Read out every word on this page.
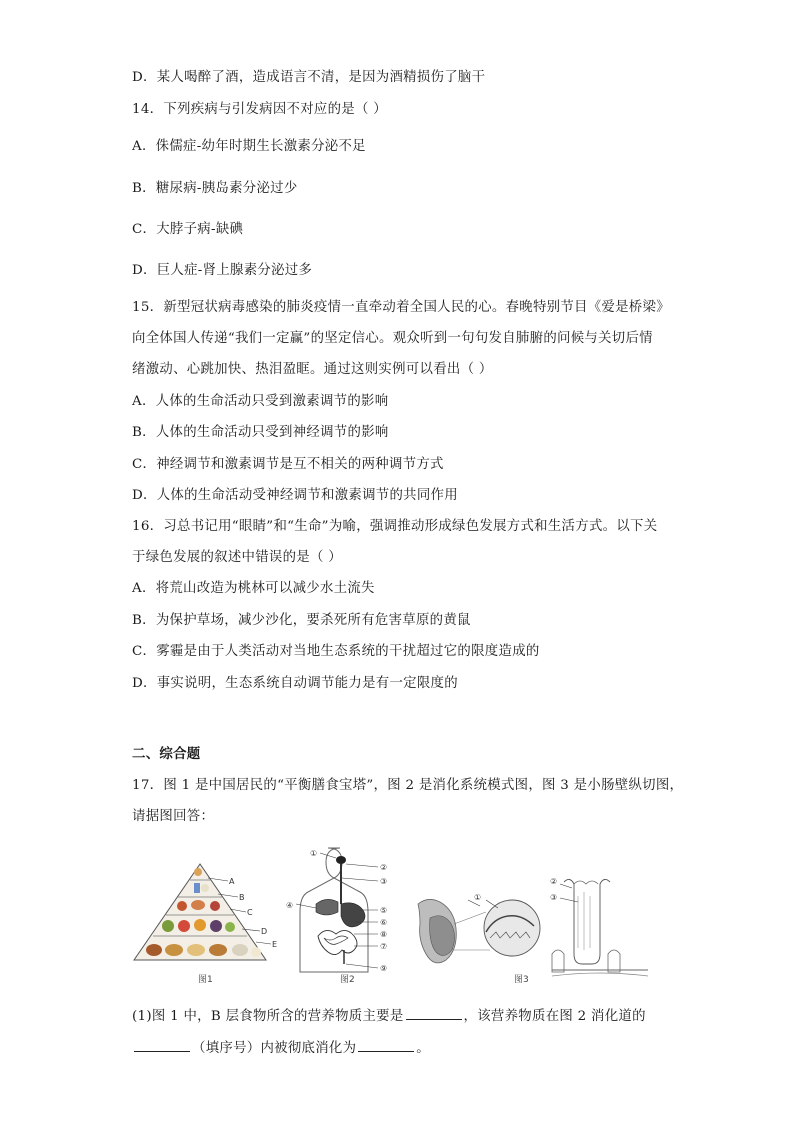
D．某人喝醉了酒，造成语言不清，是因为酒精损伤了脑干
14．下列疾病与引发病因不对应的是（ ）
A．侏儒症-幼年时期生长激素分泌不足
B．糖尿病-胰岛素分泌过少
C．大脖子病-缺碘
D．巨人症-肾上腺素分泌过多
15．新型冠状病毒感染的肺炎疫情一直牵动着全国人民的心。春晚特别节目《爱是桥梁》
向全体国人传递“我们一定赢”的坚定信心。观众听到一句句发自肺腑的问候与关切后情
绪激动、心跳加快、热泪盈眶。通过这则实例可以看出（ ）
A．人体的生命活动只受到激素调节的影响
B．人体的生命活动只受到神经调节的影响
C．神经调节和激素调节是互不相关的两种调节方式
D．人体的生命活动受神经调节和激素调节的共同作用
16．习总书记用“眼睛”和“生命”为喻，强调推动形成绿色发展方式和生活方式。以下关
于绿色发展的叙述中错误的是（ ）
A．将荒山改造为桃林可以减少水土流失
B．为保护草场，减少沙化，要杀死所有危害草原的黄鼠
C．雾霾是由于人类活动对当地生态系统的干扰超过它的限度造成的
D．事实说明，生态系统自动调节能力是有一定限度的
二、综合题
17．图 1 是中国居民的“平衡膳食宝塔”，图 2 是消化系统模式图，图 3 是小肠壁纵切图，
请据图回答：
A
B
C
D
E
图1
①
②
③
④
⑤
⑥
⑧
⑦
⑨
图2
①
②
③
图3
(1)图 1 中，B 层食物所含的营养物质主要是	，该营养物质在图 2 消化道的
（填序号）内被彻底消化为	。
